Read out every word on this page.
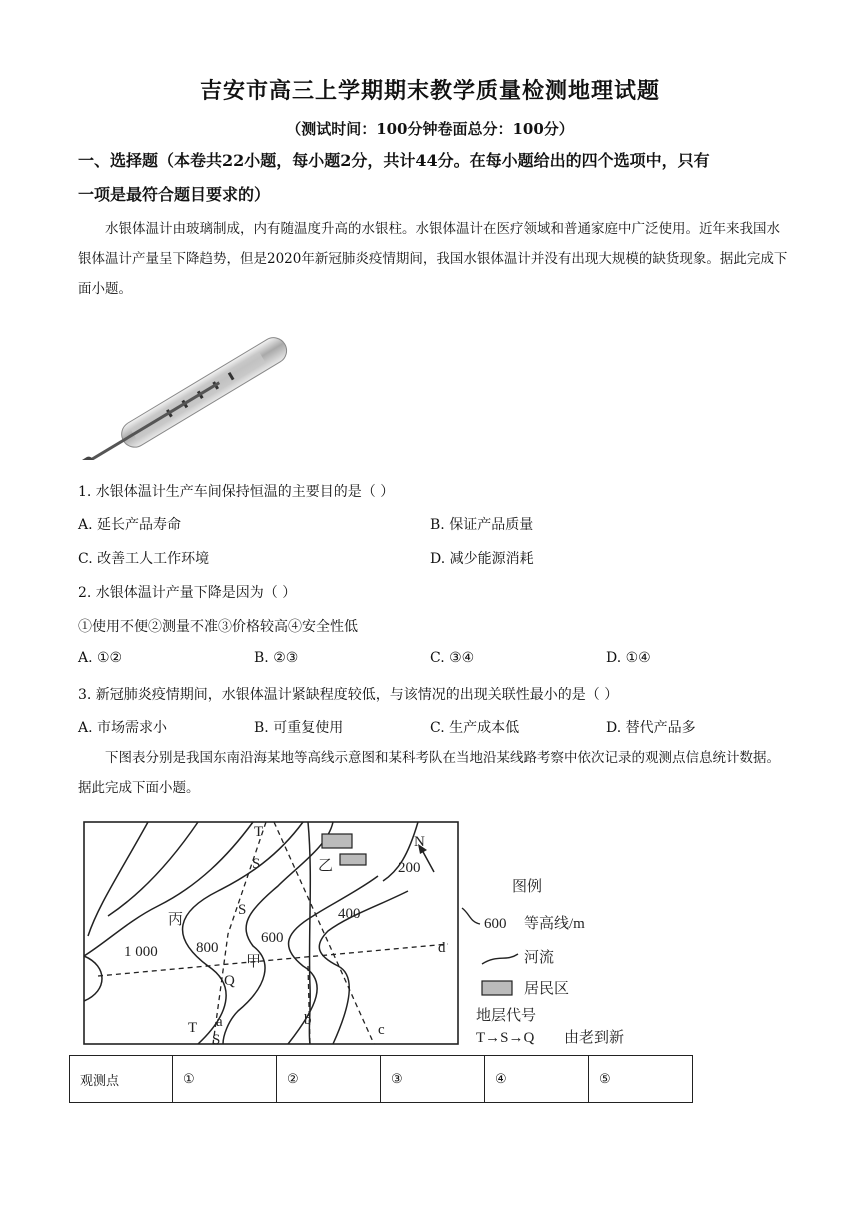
吉安市高三上学期期末教学质量检测地理试题
（测试时间：100分钟卷面总分：100分）
一、选择题（本卷共22小题，每小题2分，共计44分。在每小题给出的四个选项中，只有
一项是最符合题目要求的）
水银体温计由玻璃制成，内有随温度升高的水银柱。水银体温计在医疗领域和普通家庭中广泛使用。近年来我国水银体温计产量呈下降趋势，但是2020年新冠肺炎疫情期间，我国水银体温计并没有出现大规模的缺货现象。据此完成下面小题。
1. 水银体温计生产车间保持恒温的主要目的是（ ）
A. 延长产品寿命	B. 保证产品质量
C. 改善工人工作环境	D. 减少能源消耗
2. 水银体温计产量下降是因为（ ）
①使用不便②测量不准③价格较高④安全性低
A. ①②	B. ②③	C. ③④	D. ①④
3. 新冠肺炎疫情期间，水银体温计紧缺程度较低，与该情况的出现关联性最小的是（ ）
A. 市场需求小	B. 可重复使用	C. 生产成本低	D. 替代产品多
下图表分别是我国东南沿海某地等高线示意图和某科考队在当地沿某线路考察中依次记录的观测点信息统计数据。据此完成下面小题。
T
S
S
Q
T
S
1 000	800
600
400
200
丙
甲
乙
a	b
c
d
N
图例
600 等高线/m
河流
居民区
地层代号
T→S→Q 由老到新
观测点	①	②	③	④	⑤
